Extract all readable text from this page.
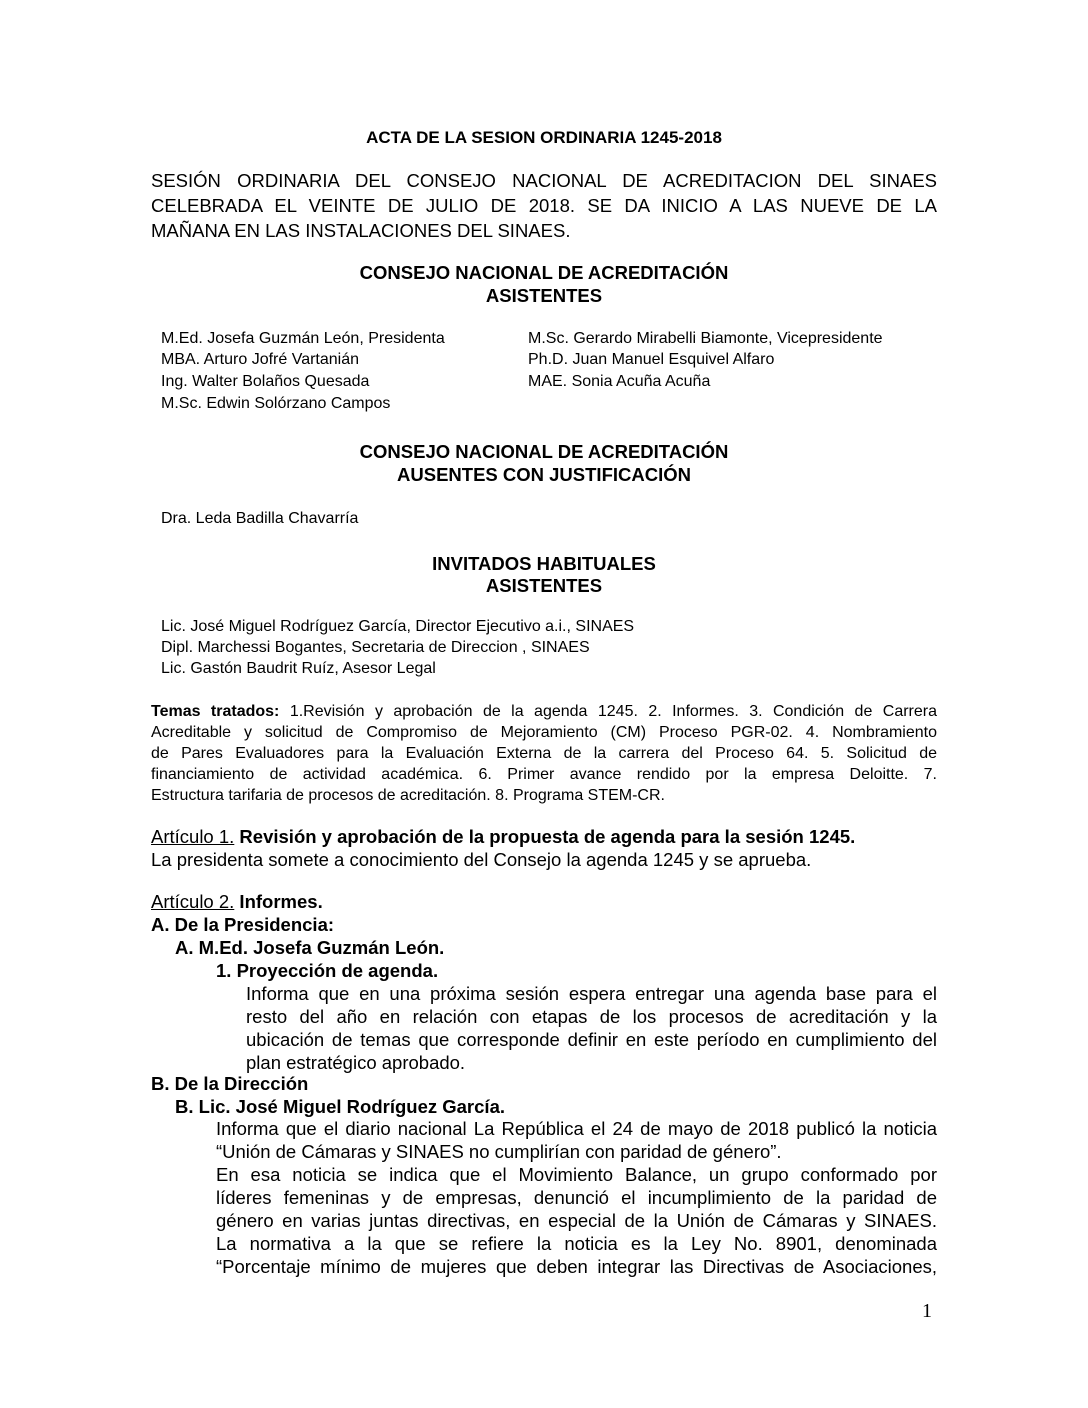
ACTA DE LA SESION ORDINARIA 1245-2018
SESIÓN ORDINARIA DEL CONSEJO NACIONAL DE ACREDITACION DEL SINAES
CELEBRADA EL VEINTE DE JULIO DE 2018. SE DA INICIO A LAS NUEVE DE LA
MAÑANA EN LAS INSTALACIONES DEL SINAES.
CONSEJO NACIONAL DE ACREDITACIÓN
ASISTENTES
M.Ed. Josefa Guzmán León, Presidenta
MBA. Arturo Jofré Vartanián
Ing. Walter Bolaños Quesada
M.Sc. Edwin Solórzano Campos
M.Sc. Gerardo Mirabelli Biamonte, Vicepresidente
Ph.D. Juan Manuel Esquivel Alfaro
MAE. Sonia Acuña Acuña
CONSEJO NACIONAL DE ACREDITACIÓN
AUSENTES CON JUSTIFICACIÓN
Dra. Leda Badilla Chavarría
INVITADOS HABITUALES
ASISTENTES
Lic. José Miguel Rodríguez García, Director Ejecutivo a.i., SINAES
Dipl. Marchessi Bogantes, Secretaria de Direccion , SINAES
Lic. Gastón Baudrit Ruíz, Asesor Legal
Temas tratados: 1.Revisión y aprobación de la agenda 1245. 2. Informes. 3. Condición de Carrera
Acreditable y solicitud de Compromiso de Mejoramiento (CM) Proceso PGR-02. 4. Nombramiento
de Pares Evaluadores para la Evaluación Externa de la carrera del Proceso 64. 5. Solicitud de
financiamiento de actividad académica. 6. Primer avance rendido por la empresa Deloitte. 7.
Estructura tarifaria de procesos de acreditación. 8. Programa STEM-CR.
Artículo 1. Revisión y aprobación de la propuesta de agenda para la sesión 1245.
La presidenta somete a conocimiento del Consejo la agenda 1245 y se aprueba.
Artículo 2. Informes.
A. De la Presidencia:
A. M.Ed. Josefa Guzmán León.
1. Proyección de agenda.
Informa que en una próxima sesión espera entregar una agenda base para el
resto del año en relación con etapas de los procesos de acreditación y la
ubicación de temas que corresponde definir en este período en cumplimiento del
plan estratégico aprobado.
B. De la Dirección
B. Lic. José Miguel Rodríguez García.
Informa que el diario nacional La República el 24 de mayo de 2018 publicó la noticia
“Unión de Cámaras y SINAES no cumplirían con paridad de género”.
En esa noticia se indica que el Movimiento Balance, un grupo conformado por
líderes femeninas y de empresas, denunció el incumplimiento de la paridad de
género en varias juntas directivas, en especial de la Unión de Cámaras y SINAES.
La normativa a la que se refiere la noticia es la Ley No. 8901, denominada
“Porcentaje mínimo de mujeres que deben integrar las Directivas de Asociaciones,
1
